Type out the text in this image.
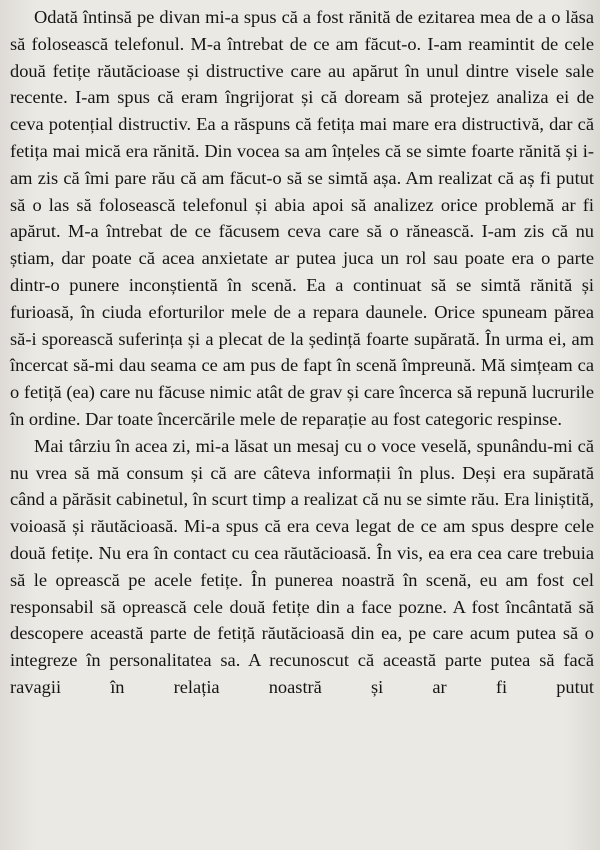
Odată întinsă pe divan mi-a spus că a fost rănită de ezitarea mea de a o lăsa să folosească telefonul. M-a întrebat de ce am făcut-o. I-am reamintit de cele două fetițe răutăcioase și distructive care au apărut în unul dintre visele sale recente. I-am spus că eram îngrijorat și că doream să protejez analiza ei de ceva potențial distructiv. Ea a răspuns că fetița mai mare era distructivă, dar că fetița mai mică era rănită. Din vocea sa am înțeles că se simte foarte rănită și i-am zis că îmi pare rău că am făcut-o să se simtă așa. Am realizat că aș fi putut să o las să folosească telefonul și abia apoi să analizez orice problemă ar fi apărut. M-a întrebat de ce făcusem ceva care să o rănească. I-am zis că nu știam, dar poate că acea anxietate ar putea juca un rol sau poate era o parte dintr-o punere inconștientă în scenă. Ea a continuat să se simtă rănită și furioasă, în ciuda eforturilor mele de a repara daunele. Orice spuneam părea să-i sporească suferința și a plecat de la ședință foarte supărată. În urma ei, am încercat să-mi dau seama ce am pus de fapt în scenă împreună. Mă simțeam ca o fetiță (ea) care nu făcuse nimic atât de grav și care încerca să repună lucrurile în ordine. Dar toate încercările mele de reparație au fost categoric respinse.

Mai târziu în acea zi, mi-a lăsat un mesaj cu o voce veselă, spunându-mi că nu vrea să mă consum și că are câteva informații în plus. Deși era supărată când a părăsit cabinetul, în scurt timp a realizat că nu se simte rău. Era liniștită, voioasă și răutăcioasă. Mi-a spus că era ceva legat de ce am spus despre cele două fetițe. Nu era în contact cu cea răutăcioasă. În vis, ea era cea care trebuia să le oprească pe acele fetițe. În punerea noastră în scenă, eu am fost cel responsabil să oprească cele două fetițe din a face pozne. A fost încântată să descopere această parte de fetiță răutăcioasă din ea, pe care acum putea să o integreze în personalitatea sa. A recunoscut că această parte putea să facă ravagii în relația noastră și ar fi putut
